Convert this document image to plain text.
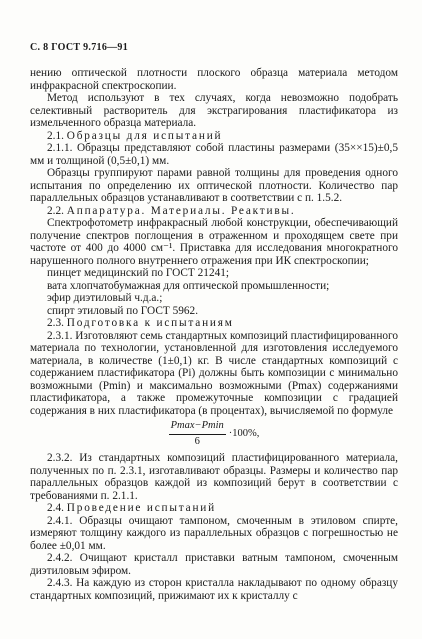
С. 8 ГОСТ 9.716—91

нению оптической плотности плоского образца материала методом инфракрасной спектроскопии.

Метод используют в тех случаях, когда невозможно подобрать селективный растворитель для экстрагирования пластификатора из измельченного образца материала.

2.1. Образцы для испытаний

2.1.1. Образцы представляют собой пластины размерами (35××15)±0,5 мм и толщиной (0,5±0,1) мм.

Образцы группируют парами равной толщины для проведения одного испытания по определению их оптической плотности. Количество пар параллельных образцов устанавливают в соответствии с п. 1.5.2.

2.2. Аппаратура. Материалы. Реактивы.

Спектрофотометр инфракрасный любой конструкции, обеспечивающий получение спектров поглощения в отраженном и проходящем свете при частоте от 400 до 4000 см⁻¹. Приставка для исследования многократного нарушенного полного внутреннего отражения при ИК спектроскопии;

пинцет медицинский по ГОСТ 21241;

вата хлопчатобумажная для оптической промышленности;

эфир диэтиловый ч.д.а.;

спирт этиловый по ГОСТ 5962.

2.3. Подготовка к испытаниям

2.3.1. Изготовляют семь стандартных композиций пластифицированного материала по технологии, установленной для изготовления исследуемого материала, в количестве (1±0,1) кг. В числе стандартных композиций с содержанием пластификатора (Pi) должны быть композиции с минимально возможными (Pmin) и максимально возможными (Pmax) содержаниями пластификатора, а также промежуточные композиции с градацией содержания в них пластификатора (в процентах), вычисляемой по формуле

$\frac{Pmax-Pmin}{6} \cdot 100\%$,

2.3.2. Из стандартных композиций пластифицированного материала, полученных по п. 2.3.1, изготавливают образцы. Размеры и количество пар параллельных образцов каждой из композиций берут в соответствии с требованиями п. 2.1.1.

2.4. Проведение испытаний

2.4.1. Образцы очищают тампоном, смоченным в этиловом спирте, измеряют толщину каждого из параллельных образцов с погрешностью не более ±0,01 мм.

2.4.2. Очищают кристалл приставки ватным тампоном, смоченным диэтиловым эфиром.

2.4.3. На каждую из сторон кристалла накладывают по одному образцу стандартных композиций, прижимают их к кристаллу с
